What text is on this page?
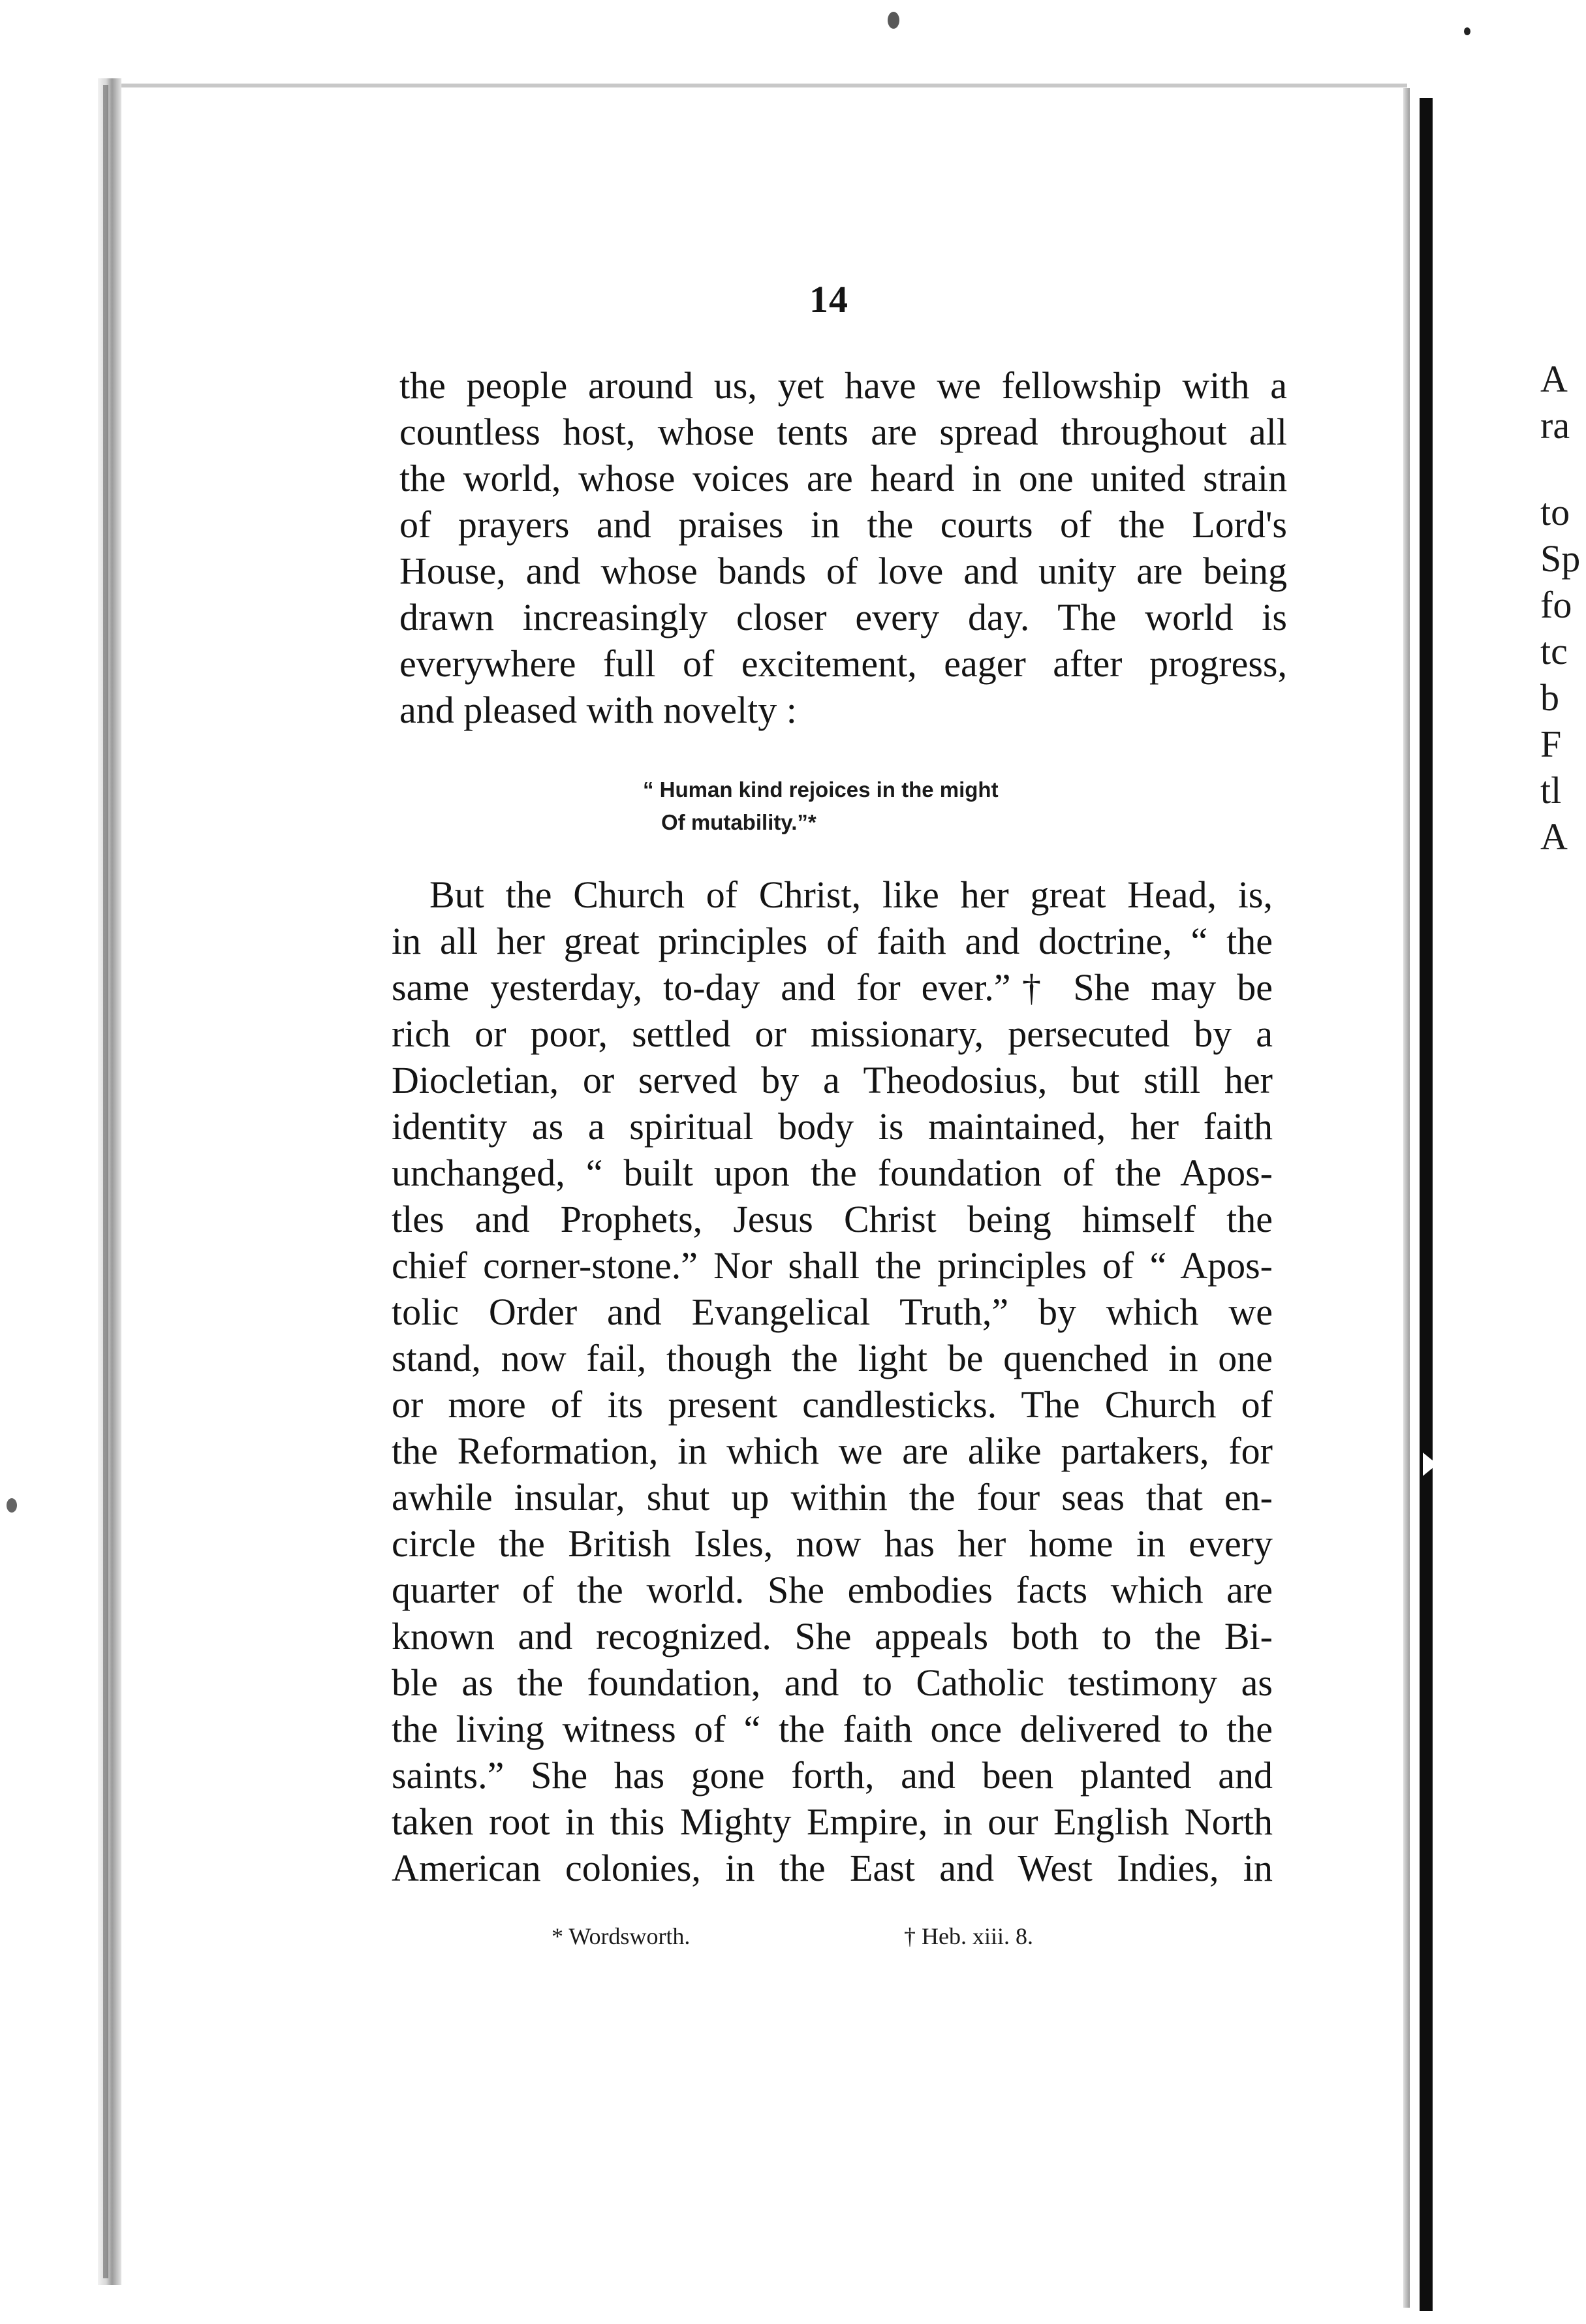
14
the people around us, yet have we fellowship with a
countless host, whose tents are spread throughout all
the world, whose voices are heard in one united strain
of prayers and praises in the courts of the Lord's
House, and whose bands of love and unity are being
drawn increasingly closer every day. The world is
everywhere full of excitement, eager after progress,
and pleased with novelty :
“ Human kind rejoices in the might
Of mutability.”*
But the Church of Christ, like her great Head, is,
in all her great principles of faith and doctrine, “ the
same yesterday, to-day and for ever.”† She may be
rich or poor, settled or missionary, persecuted by a
Diocletian, or served by a Theodosius, but still her
identity as a spiritual body is maintained, her faith
unchanged, “ built upon the foundation of the Apos-
tles and Prophets, Jesus Christ being himself the
chief corner-stone.” Nor shall the principles of “ Apos-
tolic Order and Evangelical Truth,” by which we
stand, now fail, though the light be quenched in one
or more of its present candlesticks. The Church of
the Reformation, in which we are alike partakers, for
awhile insular, shut up within the four seas that en-
circle the British Isles, now has her home in every
quarter of the world. She embodies facts which are
known and recognized. She appeals both to the Bi-
ble as the foundation, and to Catholic testimony as
the living witness of “ the faith once delivered to the
saints.” She has gone forth, and been planted and
taken root in this Mighty Empire, in our English North
American colonies, in the East and West Indies, in
* Wordsworth.	† Heb. xiii. 8.
A
ra
to
Sp
fo
tc
b
F
tl
A
